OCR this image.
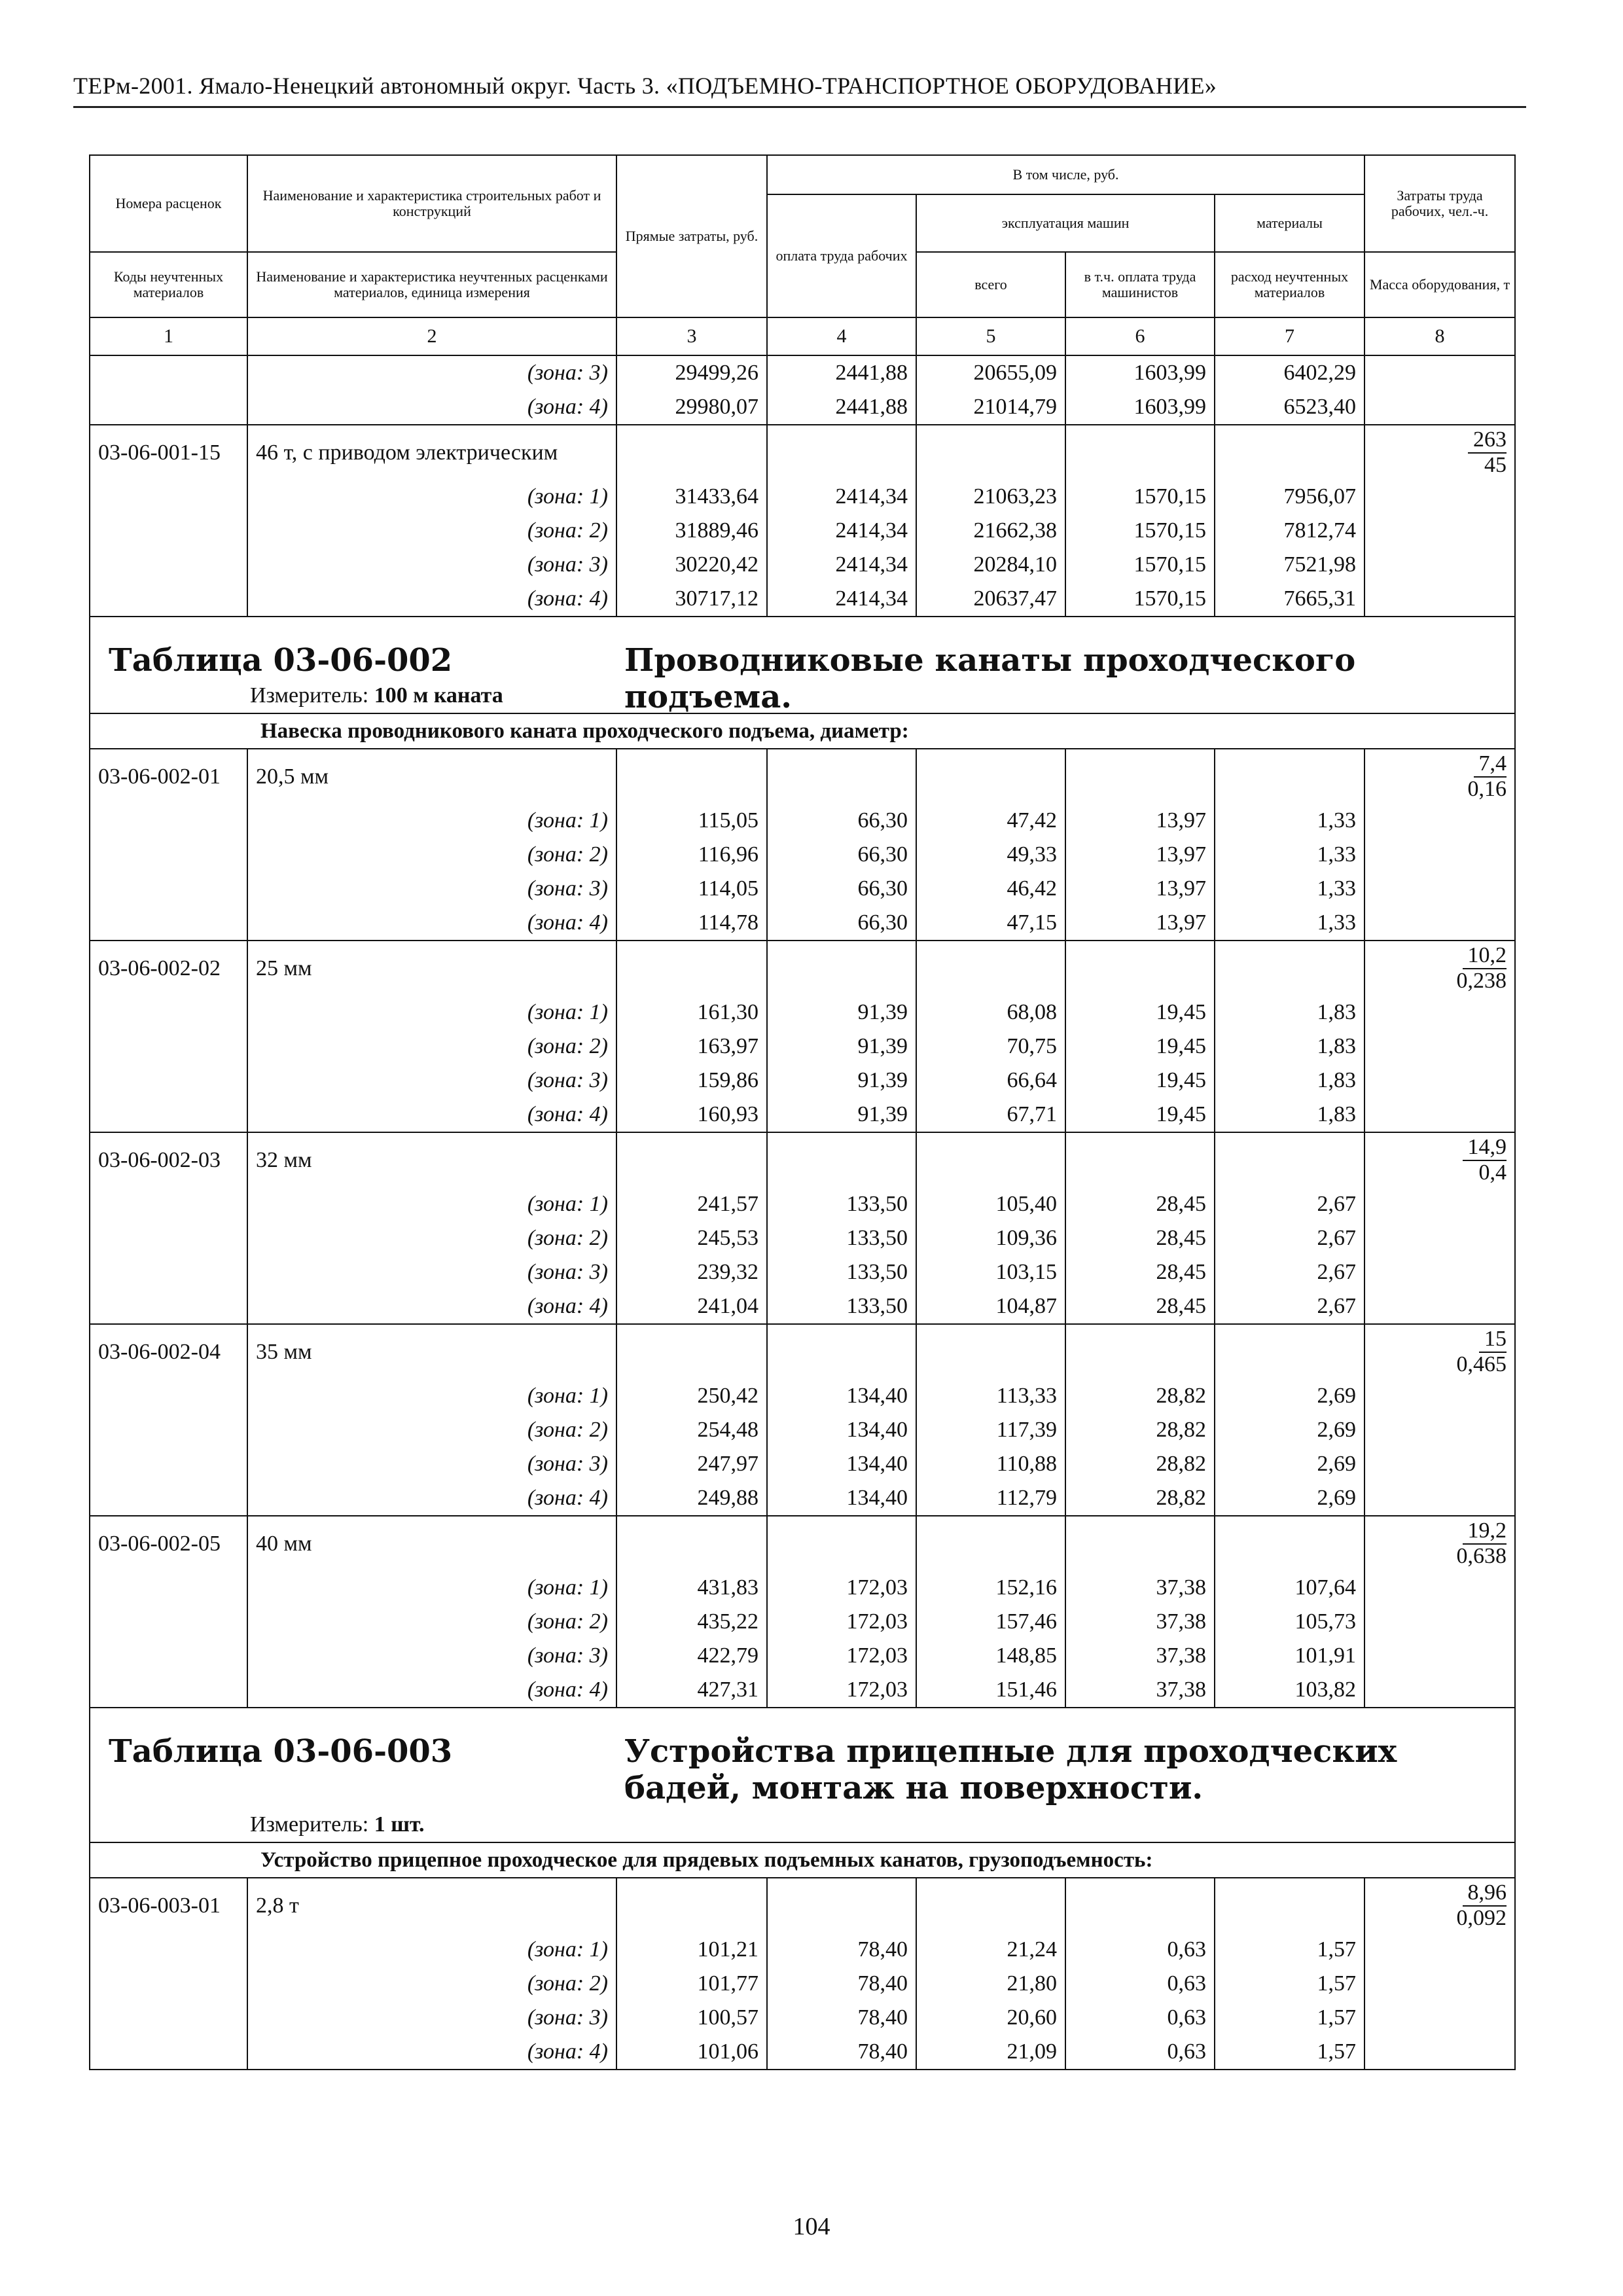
ТЕРм-2001. Ямало-Ненецкий автономный округ. Часть 3. «ПОДЪЕМНО-ТРАНСПОРТНОЕ ОБОРУДОВАНИЕ»
Номера расценок	Наименование и характеристика строительных работ и конструкций	Прямые затраты, руб.	В том числе, руб.				Затраты труда рабочих, чел.-ч.
			оплата труда рабочих	эксплуатация машин		материалы	
Коды неучтенных материалов	Наименование и характеристика неучтенных расценками материалов, единица измерения			всего	в т.ч. оплата труда машинистов	расход неучтенных материалов	Масса оборудования, т
1	2	3	4	5	6	7	8
	(зона: 3)	29499,26	2441,88	20655,09	1603,99	6402,29	
	(зона: 4)	29980,07	2441,88	21014,79	1603,99	6523,40	
03-06-001-15	46 т, с приводом электрическим						263
45

	(зона: 1)	31433,64	2414,34	21063,23	1570,15	7956,07	
	(зона: 2)	31889,46	2414,34	21662,38	1570,15	7812,74	
	(зона: 3)	30220,42	2414,34	20284,10	1570,15	7521,98	
	(зона: 4)	30717,12	2414,34	20637,47	1570,15	7665,31	

Таблица 03-06-002 Проводниковые канаты проходческого подъема.
Измеритель: 100 м каната							

Навеска проводникового каната проходческого подъема, диаметр:							
03-06-002-01	20,5 мм						7,4
0,16

	(зона: 1)	115,05	66,30	47,42	13,97	1,33	
	(зона: 2)	116,96	66,30	49,33	13,97	1,33	
	(зона: 3)	114,05	66,30	46,42	13,97	1,33	
	(зона: 4)	114,78	66,30	47,15	13,97	1,33	
03-06-002-02	25 мм						10,2
0,238

	(зона: 1)	161,30	91,39	68,08	19,45	1,83	
	(зона: 2)	163,97	91,39	70,75	19,45	1,83	
	(зона: 3)	159,86	91,39	66,64	19,45	1,83	
	(зона: 4)	160,93	91,39	67,71	19,45	1,83	
03-06-002-03	32 мм						14,9
0,4

	(зона: 1)	241,57	133,50	105,40	28,45	2,67	
	(зона: 2)	245,53	133,50	109,36	28,45	2,67	
	(зона: 3)	239,32	133,50	103,15	28,45	2,67	
	(зона: 4)	241,04	133,50	104,87	28,45	2,67	
03-06-002-04	35 мм						15
0,465

	(зона: 1)	250,42	134,40	113,33	28,82	2,69	
	(зона: 2)	254,48	134,40	117,39	28,82	2,69	
	(зона: 3)	247,97	134,40	110,88	28,82	2,69	
	(зона: 4)	249,88	134,40	112,79	28,82	2,69	
03-06-002-05	40 мм						19,2
0,638

	(зона: 1)	431,83	172,03	152,16	37,38	107,64	
	(зона: 2)	435,22	172,03	157,46	37,38	105,73	
	(зона: 3)	422,79	172,03	148,85	37,38	101,91	
	(зона: 4)	427,31	172,03	151,46	37,38	103,82	

Таблица 03-06-003 Устройства прицепные для проходческих бадей, монтаж на поверхности.
Измеритель: 1 шт.							

Устройство прицепное проходческое для прядевых подъемных канатов, грузоподъемность:							
03-06-003-01	2,8 т						8,96
0,092

	(зона: 1)	101,21	78,40	21,24	0,63	1,57	
	(зона: 2)	101,77	78,40	21,80	0,63	1,57	
	(зона: 3)	100,57	78,40	20,60	0,63	1,57	
	(зона: 4)	101,06	78,40	21,09	0,63	1,57	
104
